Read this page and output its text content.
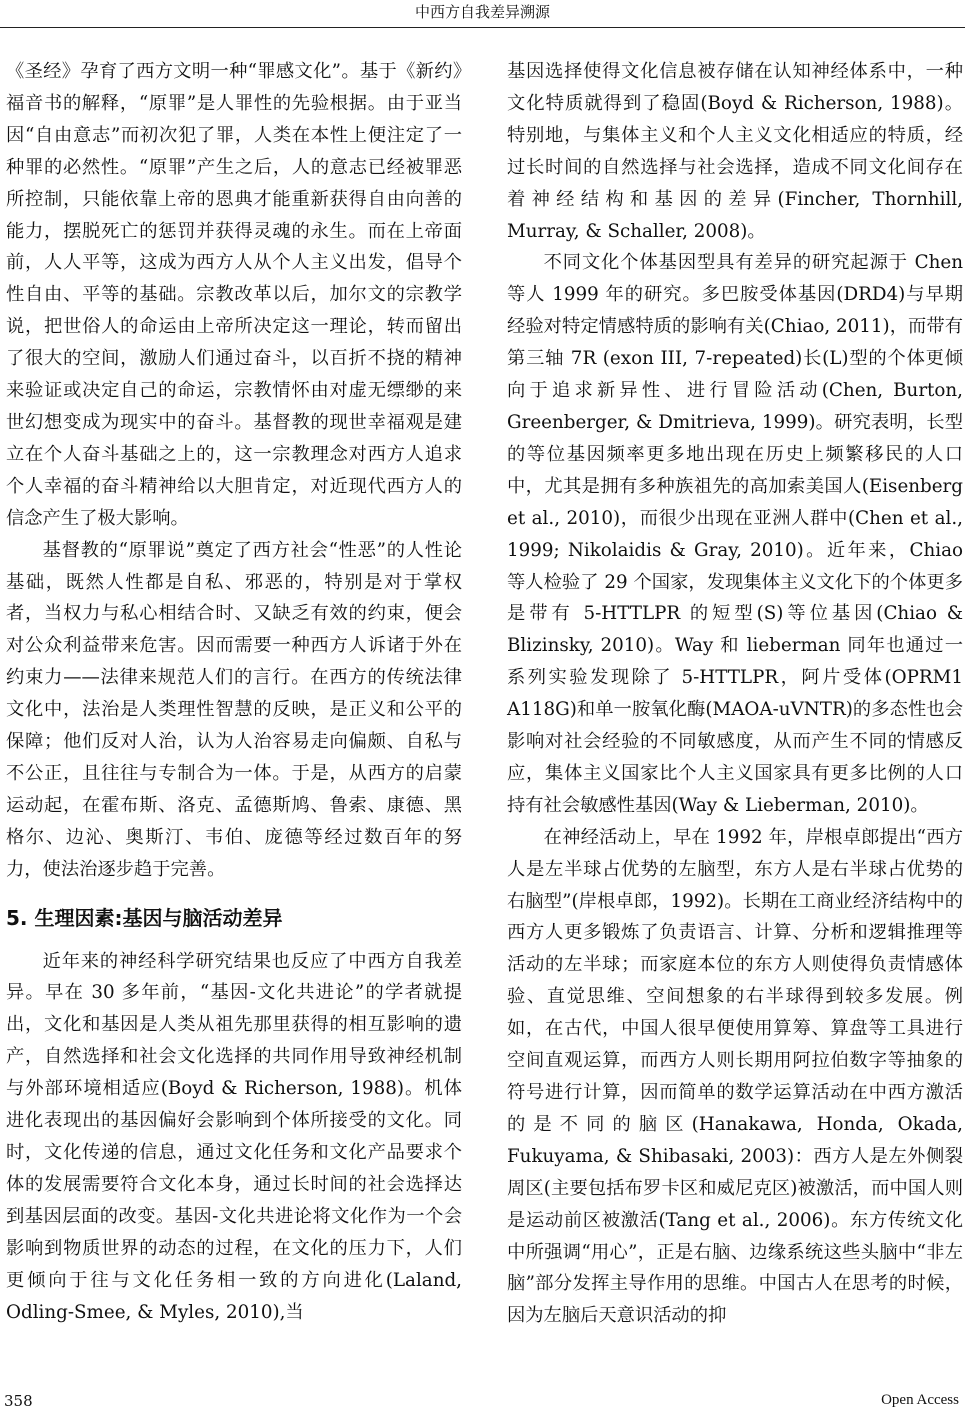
中西方自我差异溯源

《圣经》孕育了西方文明一种“罪感文化”。基于《新约》福音书的解释，“原罪”是人罪性的先验根据。由于亚当因“自由意志”而初次犯了罪，人类在本性上便注定了一种罪的必然性。“原罪”产生之后，人的意志已经被罪恶所控制，只能依靠上帝的恩典才能重新获得自由向善的能力，摆脱死亡的惩罚并获得灵魂的永生。而在上帝面前，人人平等，这成为西方人从个人主义出发，倡导个性自由、平等的基础。宗教改革以后，加尔文的宗教学说，把世俗人的命运由上帝所决定这一理论，转而留出了很大的空间，激励人们通过奋斗，以百折不挠的精神来验证或决定自己的命运，宗教情怀由对虚无缥缈的来世幻想变成为现实中的奋斗。基督教的现世幸福观是建立在个人奋斗基础之上的，这一宗教理念对西方人追求个人幸福的奋斗精神给以大胆肯定，对近现代西方人的信念产生了极大影响。

基督教的“原罪说”奠定了西方社会“性恶”的人性论基础，既然人性都是自私、邪恶的，特别是对于掌权者，当权力与私心相结合时、又缺乏有效的约束，便会对公众利益带来危害。因而需要一种西方人诉诸于外在约束力——法律来规范人们的言行。在西方的传统法律文化中，法治是人类理性智慧的反映，是正义和公平的保障；他们反对人治，认为人治容易走向偏颇、自私与不公正，且往往与专制合为一体。于是，从西方的启蒙运动起，在霍布斯、洛克、孟德斯鸠、鲁索、康德、黑格尔、边沁、奥斯汀、韦伯、庞德等经过数百年的努力，使法治逐步趋于完善。

5. 生理因素:基因与脑活动差异

近年来的神经科学研究结果也反应了中西方自我差异。早在 30 多年前，“基因-文化共进论”的学者就提出，文化和基因是人类从祖先那里获得的相互影响的遗产，自然选择和社会文化选择的共同作用导致神经机制与外部环境相适应(Boyd & Richerson, 1988)。机体进化表现出的基因偏好会影响到个体所接受的文化。同时，文化传递的信息，通过文化任务和文化产品要求个体的发展需要符合文化本身，通过长时间的社会选择达到基因层面的改变。基因-文化共进论将文化作为一个会影响到物质世界的动态的过程，在文化的压力下，人们更倾向于往与文化任务相一致的方向进化(Laland, Odling-Smee, & Myles, 2010),当

基因选择使得文化信息被存储在认知神经体系中，一种文化特质就得到了稳固(Boyd & Richerson, 1988)。特别地，与集体主义和个人主义文化相适应的特质，经过长时间的自然选择与社会选择，造成不同文化间存在着神经结构和基因的差异(Fincher, Thornhill, Murray, & Schaller, 2008)。

不同文化个体基因型具有差异的研究起源于 Chen 等人 1999 年的研究。多巴胺受体基因(DRD4)与早期经验对特定情感特质的影响有关(Chiao, 2011)，而带有第三轴 7R (exon III, 7-repeated)长(L)型的个体更倾向于追求新异性、进行冒险活动(Chen, Burton, Greenberger, & Dmitrieva, 1999)。研究表明，长型的等位基因频率更多地出现在历史上频繁移民的人口中，尤其是拥有多种族祖先的高加索美国人(Eisenberg et al., 2010)，而很少出现在亚洲人群中(Chen et al., 1999; Nikolaidis & Gray, 2010)。近年来，Chiao 等人检验了 29 个国家，发现集体主义文化下的个体更多是带有 5-HTTLPR 的短型(S)等位基因(Chiao & Blizinsky, 2010)。Way 和 lieberman 同年也通过一系列实验发现除了 5-HTTLPR，阿片受体(OPRM1 A118G)和单一胺氧化酶(MAOA-uVNTR)的多态性也会影响对社会经验的不同敏感度，从而产生不同的情感反应，集体主义国家比个人主义国家具有更多比例的人口持有社会敏感性基因(Way & Lieberman, 2010)。

在神经活动上，早在 1992 年，岸根卓郎提出“西方人是左半球占优势的左脑型，东方人是右半球占优势的右脑型”(岸根卓郎，1992)。长期在工商业经济结构中的西方人更多锻炼了负责语言、计算、分析和逻辑推理等活动的左半球；而家庭本位的东方人则使得负责情感体验、直觉思维、空间想象的右半球得到较多发展。例如，在古代，中国人很早便使用算筹、算盘等工具进行空间直观运算，而西方人则长期用阿拉伯数字等抽象的符号进行计算，因而简单的数学运算活动在中西方激活的是不同的脑区(Hanakawa, Honda, Okada, Fukuyama, & Shibasaki, 2003)：西方人是左外侧裂周区(主要包括布罗卡区和威尼克区)被激活，而中国人则是运动前区被激活(Tang et al., 2006)。东方传统文化中所强调“用心”，正是右脑、边缘系统这些头脑中“非左脑”部分发挥主导作用的思维。中国古人在思考的时候，因为左脑后天意识活动的抑

358	Open Access
